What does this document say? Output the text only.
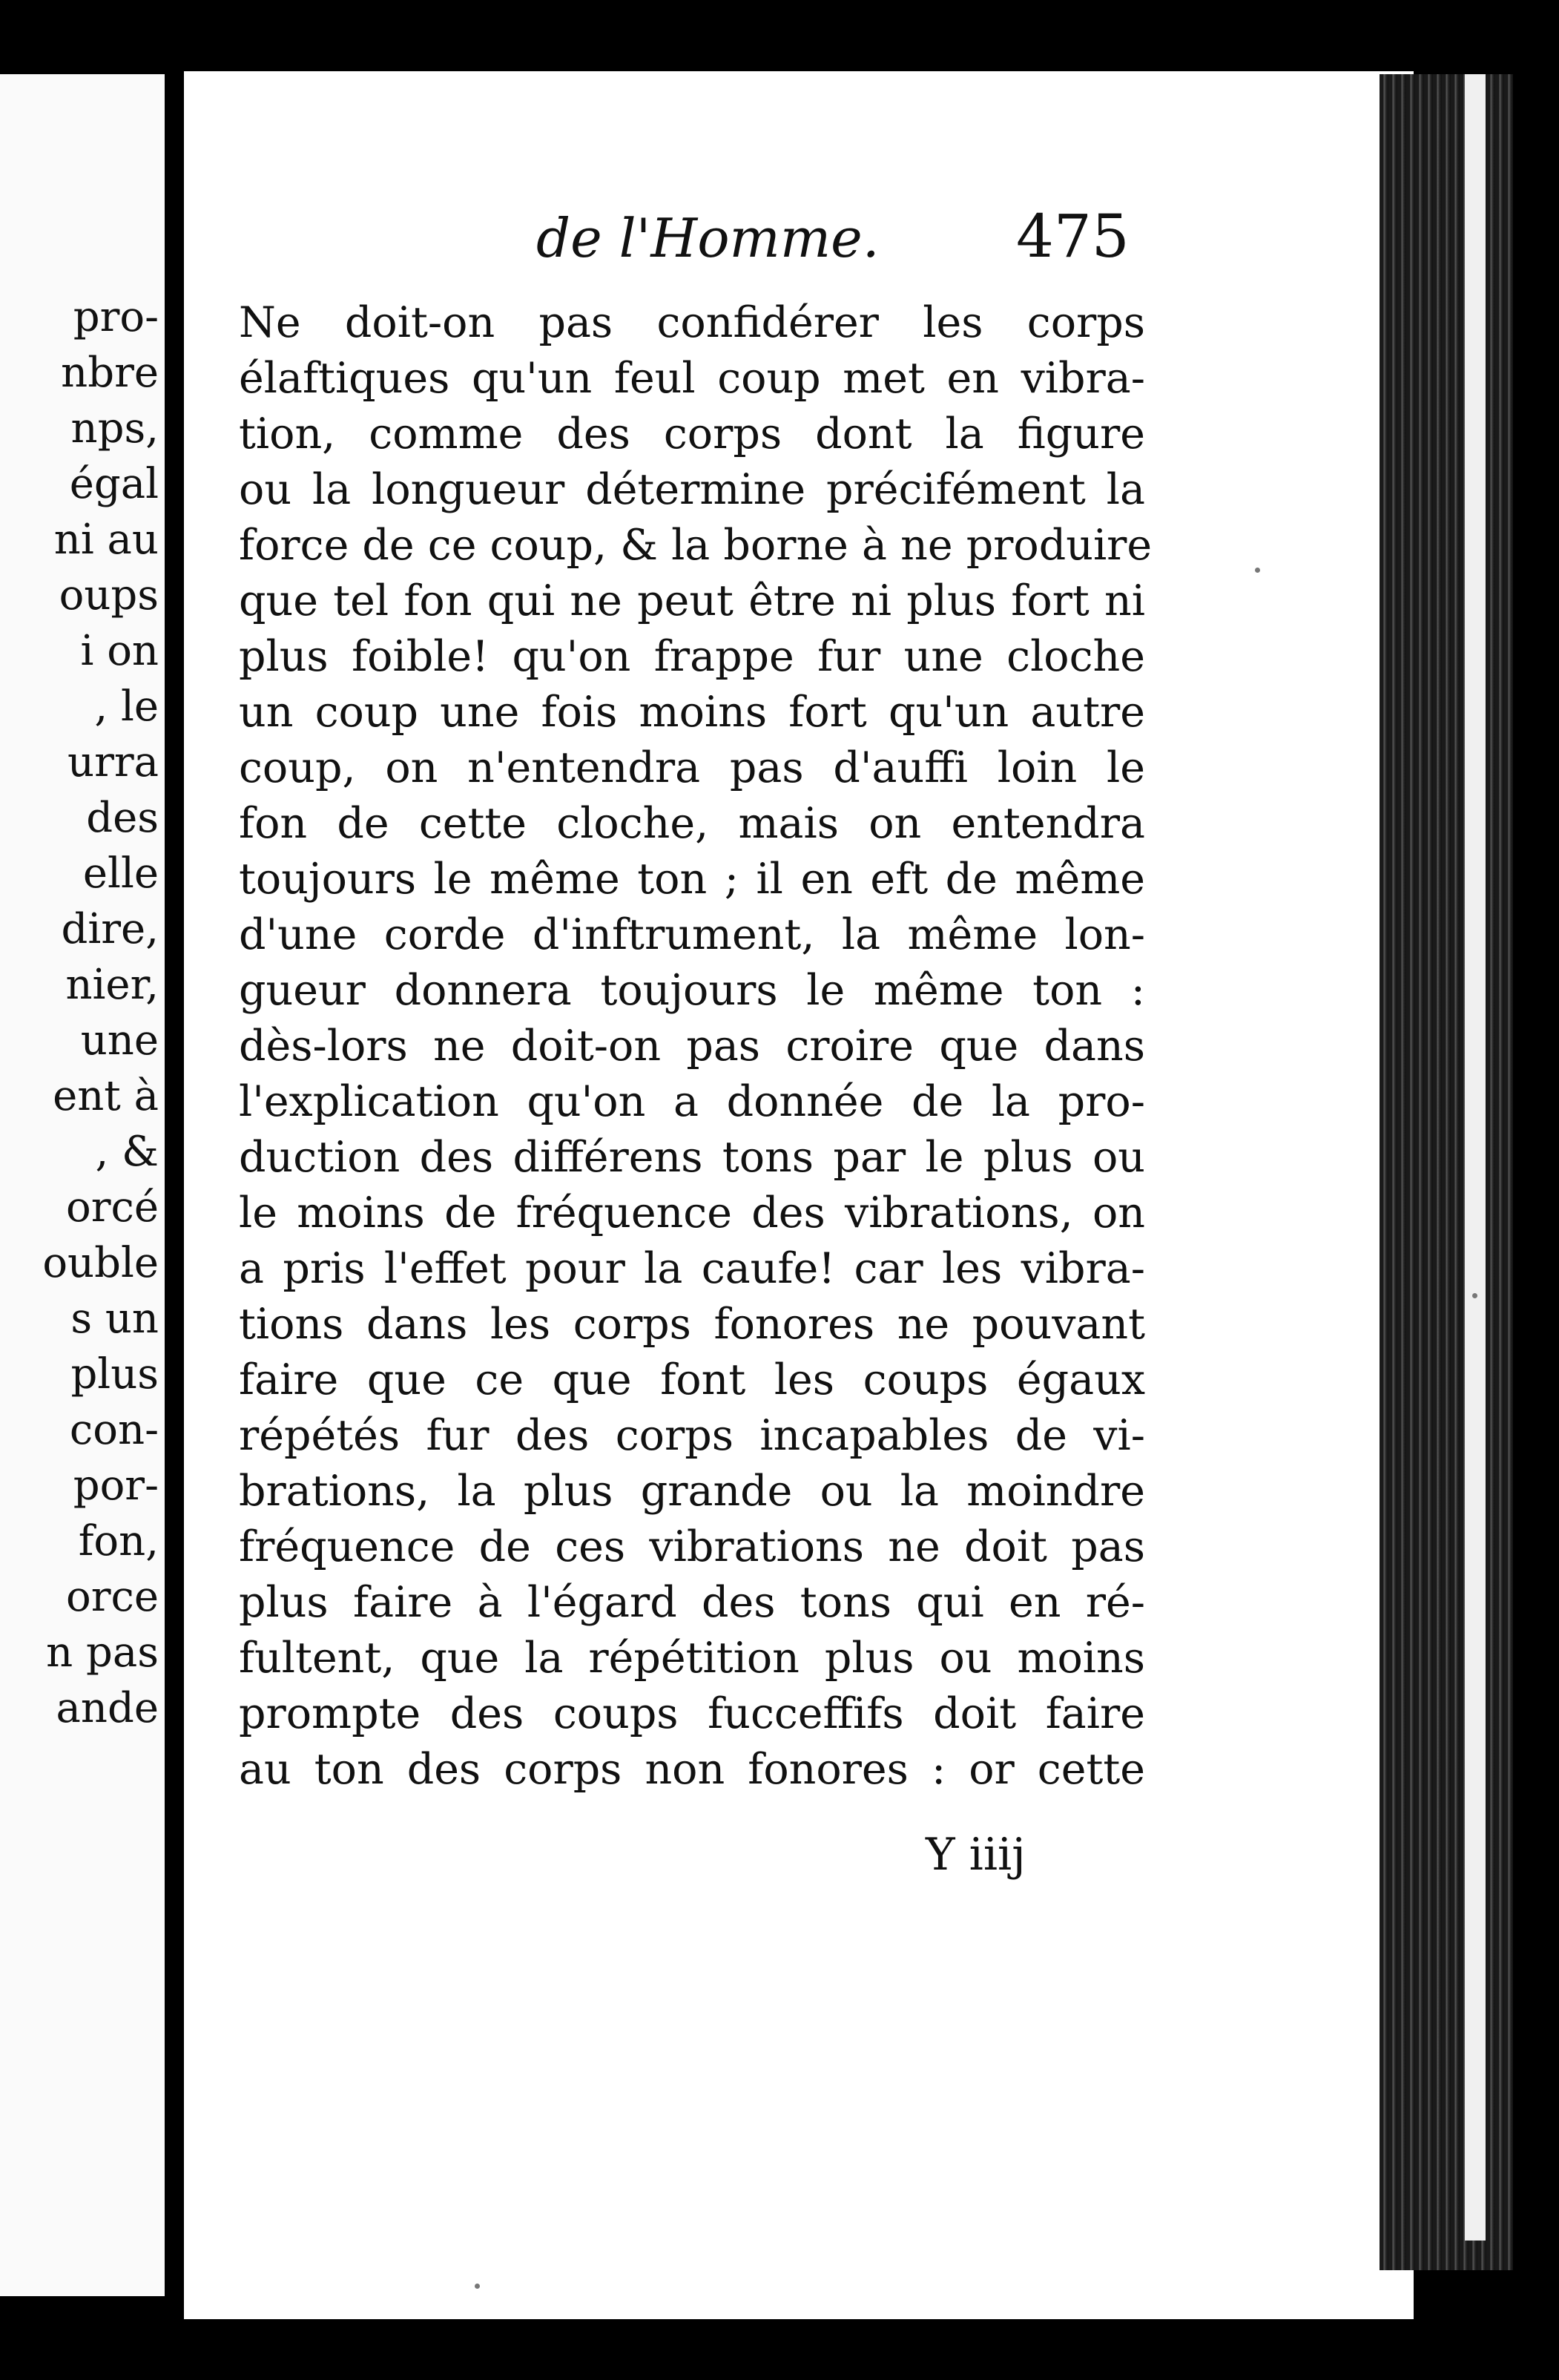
pro-
nbre
nps,
égal
ni au
oups
i on
, le
urra
des
elle
dire,
nier,
une
ent à
, &
orcé
ouble
s un
plus
con-
por-
fon,
orce
n pas
ande
de l'Homme. 475
Ne doit-on pas confidérer les corps
élaftiques qu'un feul coup met en vibra-
tion, comme des corps dont la figure
ou la longueur détermine précifément la
force de ce coup, & la borne à ne produire
que tel fon qui ne peut être ni plus fort ni
plus foible! qu'on frappe fur une cloche
un coup une fois moins fort qu'un autre
coup, on n'entendra pas d'auffi loin le
fon de cette cloche, mais on entendra
toujours le même ton ; il en eft de même
d'une corde d'inftrument, la même lon-
gueur donnera toujours le même ton :
dès-lors ne doit-on pas croire que dans
l'explication qu'on a donnée de la pro-
duction des différens tons par le plus ou
le moins de fréquence des vibrations, on
a pris l'effet pour la caufe! car les vibra-
tions dans les corps fonores ne pouvant
faire que ce que font les coups égaux
répétés fur des corps incapables de vi-
brations, la plus grande ou la moindre
fréquence de ces vibrations ne doit pas
plus faire à l'égard des tons qui en ré-
fultent, que la répétition plus ou moins
prompte des coups fucceffifs doit faire
au ton des corps non fonores : or cette
Y iiij
